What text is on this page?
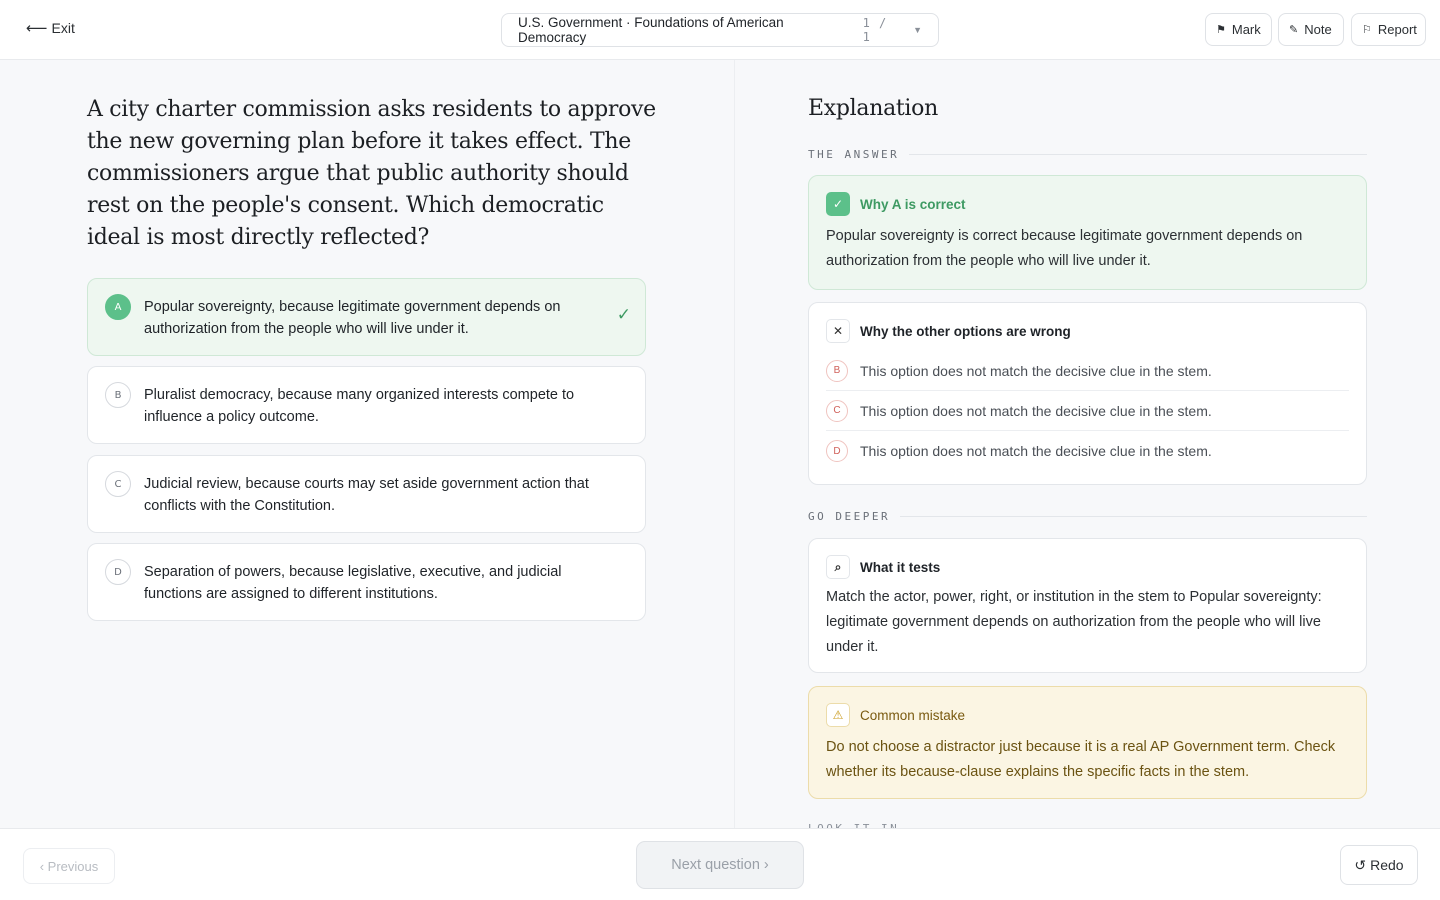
⟵ Exit	U.S. Government · Foundations of American Democracy
1 / 1	▼	⚑ Mark	✎ Note	⚐ Report
A city charter commission asks residents to approve the new governing plan before it takes effect. The commissioners argue that public authority should rest on the people's consent. Which democratic ideal is most directly reflected?
A	Popular sovereignty, because legitimate government depends on authorization from the people who will live under it.
✓
B	Pluralist democracy, because many organized interests compete to influence a policy outcome.
C	Judicial review, because courts may set aside government action that conflicts with the Constitution.
D	Separation of powers, because legislative, executive, and judicial functions are assigned to different institutions.
Explanation
THE ANSWER
✓	Why A is correct
Popular sovereignty is correct because legitimate government depends on authorization from the people who will live under it.
✕	Why the other options are wrong
B	This option does not match the decisive clue in the stem.
C	This option does not match the decisive clue in the stem.
D	This option does not match the decisive clue in the stem.
GO DEEPER
⌕	What it tests
Match the actor, power, right, or institution in the stem to Popular sovereignty: legitimate government depends on authorization from the people who will live under it.
⚠	Common mistake
Do not choose a distractor just because it is a real AP Government term. Check whether its because-clause explains the specific facts in the stem.
‹ Previous	Next question ›	↺ Redo
